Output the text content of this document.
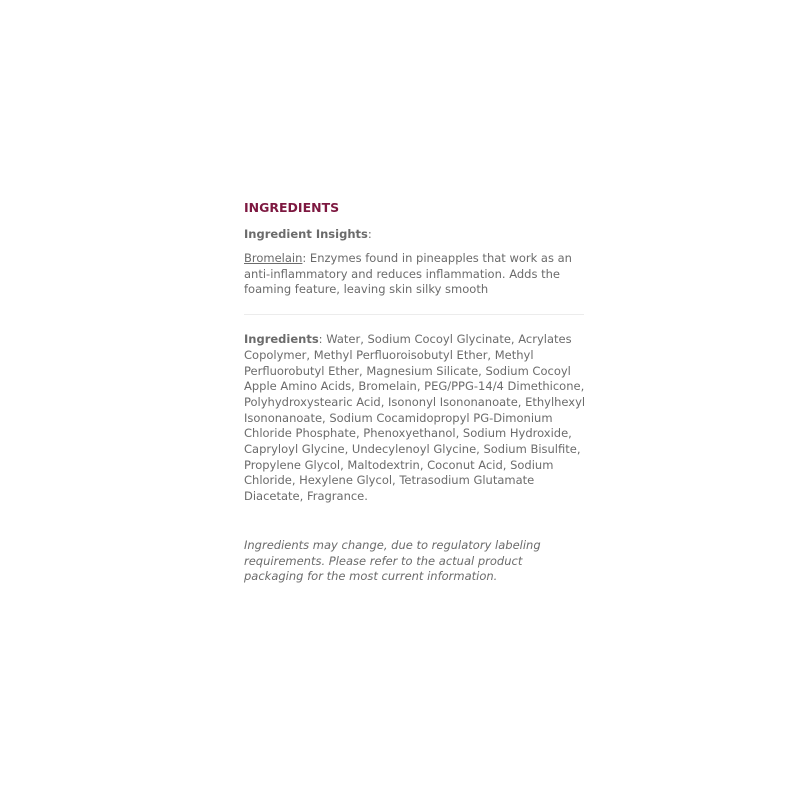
INGREDIENTS
Ingredient Insights:

Bromelain: Enzymes found in pineapples that work as an anti-inflammatory and reduces inflammation. Adds the foaming feature, leaving skin silky smooth

Ingredients: Water, Sodium Cocoyl Glycinate, Acrylates Copolymer, Methyl Perfluoroisobutyl Ether, Methyl Perfluorobutyl Ether, Magnesium Silicate, Sodium Cocoyl Apple Amino Acids, Bromelain, PEG/PPG-14/4 Dimethicone, Polyhydroxystearic Acid, Isononyl Isononanoate, Ethylhexyl Isononanoate, Sodium Cocamidopropyl PG-Dimonium Chloride Phosphate, Phenoxyethanol, Sodium Hydroxide, Capryloyl Glycine, Undecylenoyl Glycine, Sodium Bisulfite, Propylene Glycol, Maltodextrin, Coconut Acid, Sodium Chloride, Hexylene Glycol, Tetrasodium Glutamate Diacetate, Fragrance.

Ingredients may change, due to regulatory labeling requirements. Please refer to the actual product packaging for the most current information.
